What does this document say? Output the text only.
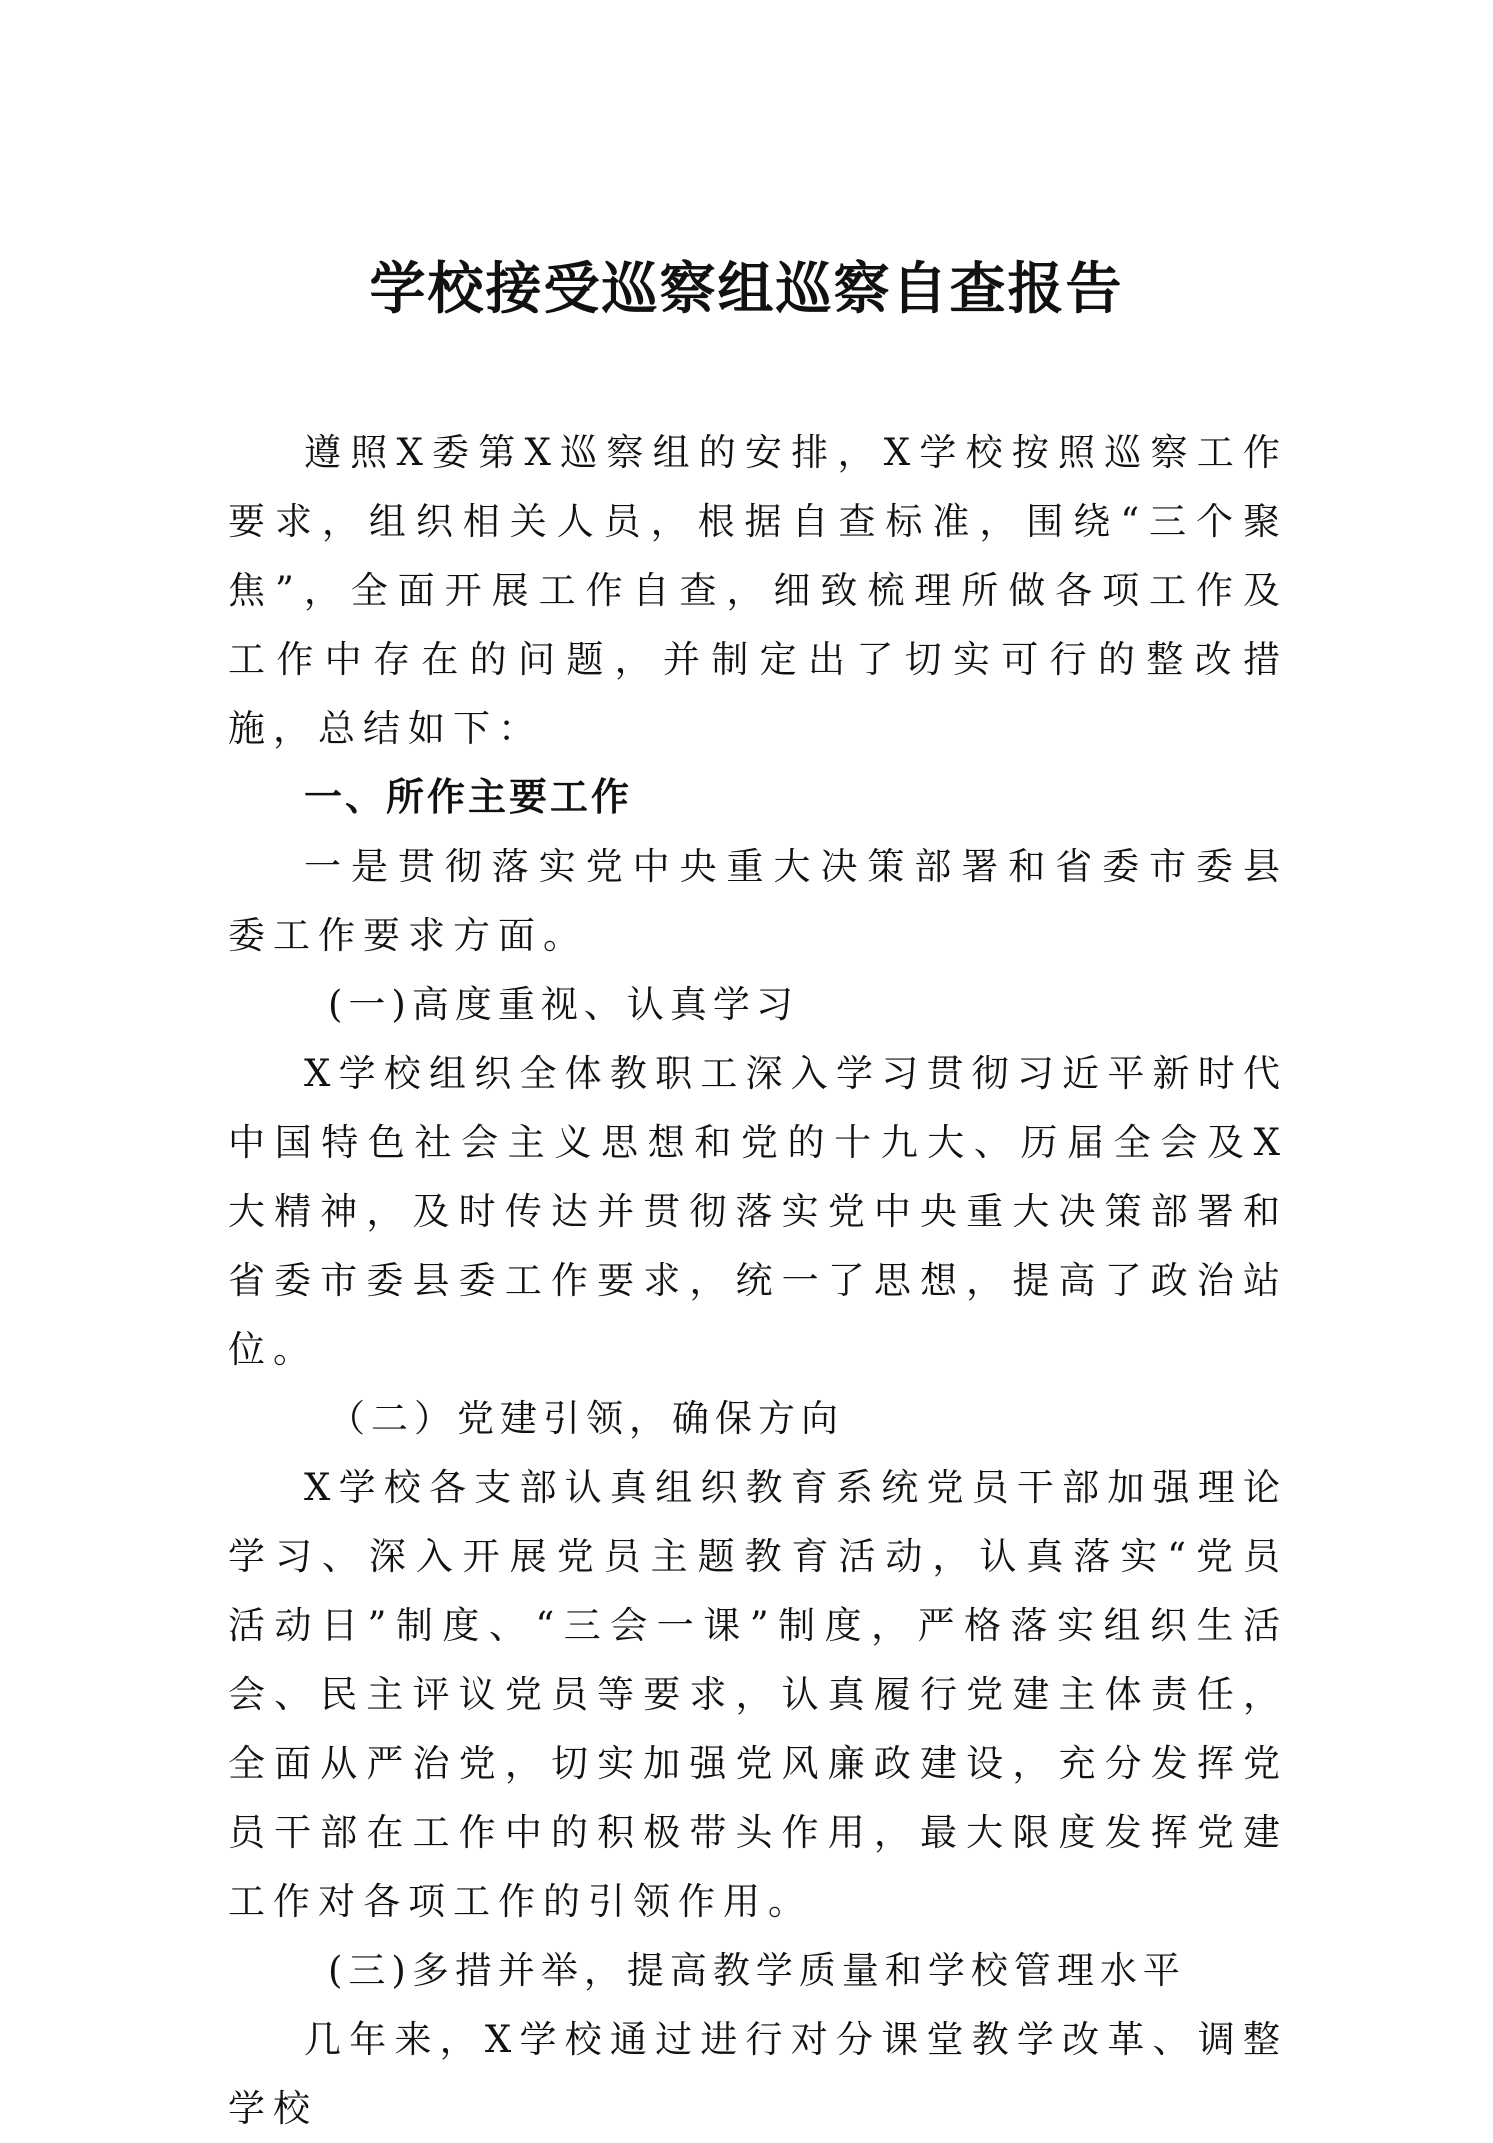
学校接受巡察组巡察自查报告

遵照X委第X巡察组的安排，X学校按照巡察工作要求，组织相关人员，根据自查标准，围绕“三个聚焦”，全面开展工作自查，细致梳理所做各项工作及工作中存在的问题，并制定出了切实可行的整改措施，总结如下：

一、所作主要工作

一是贯彻落实党中央重大决策部署和省委市委县委工作要求方面。

(一)高度重视、认真学习

X学校组织全体教职工深入学习贯彻习近平新时代中国特色社会主义思想和党的十九大、历届全会及X大精神，及时传达并贯彻落实党中央重大决策部署和省委市委县委工作要求，统一了思想，提高了政治站位。

（二）党建引领，确保方向

X学校各支部认真组织教育系统党员干部加强理论学习、深入开展党员主题教育活动，认真落实“党员活动日”制度、“三会一课”制度，严格落实组织生活会、民主评议党员等要求，认真履行党建主体责任，全面从严治党，切实加强党风廉政建设，充分发挥党员干部在工作中的积极带头作用，最大限度发挥党建工作对各项工作的引领作用。

(三)多措并举，提高教学质量和学校管理水平

几年来，X学校通过进行对分课堂教学改革、调整学校
